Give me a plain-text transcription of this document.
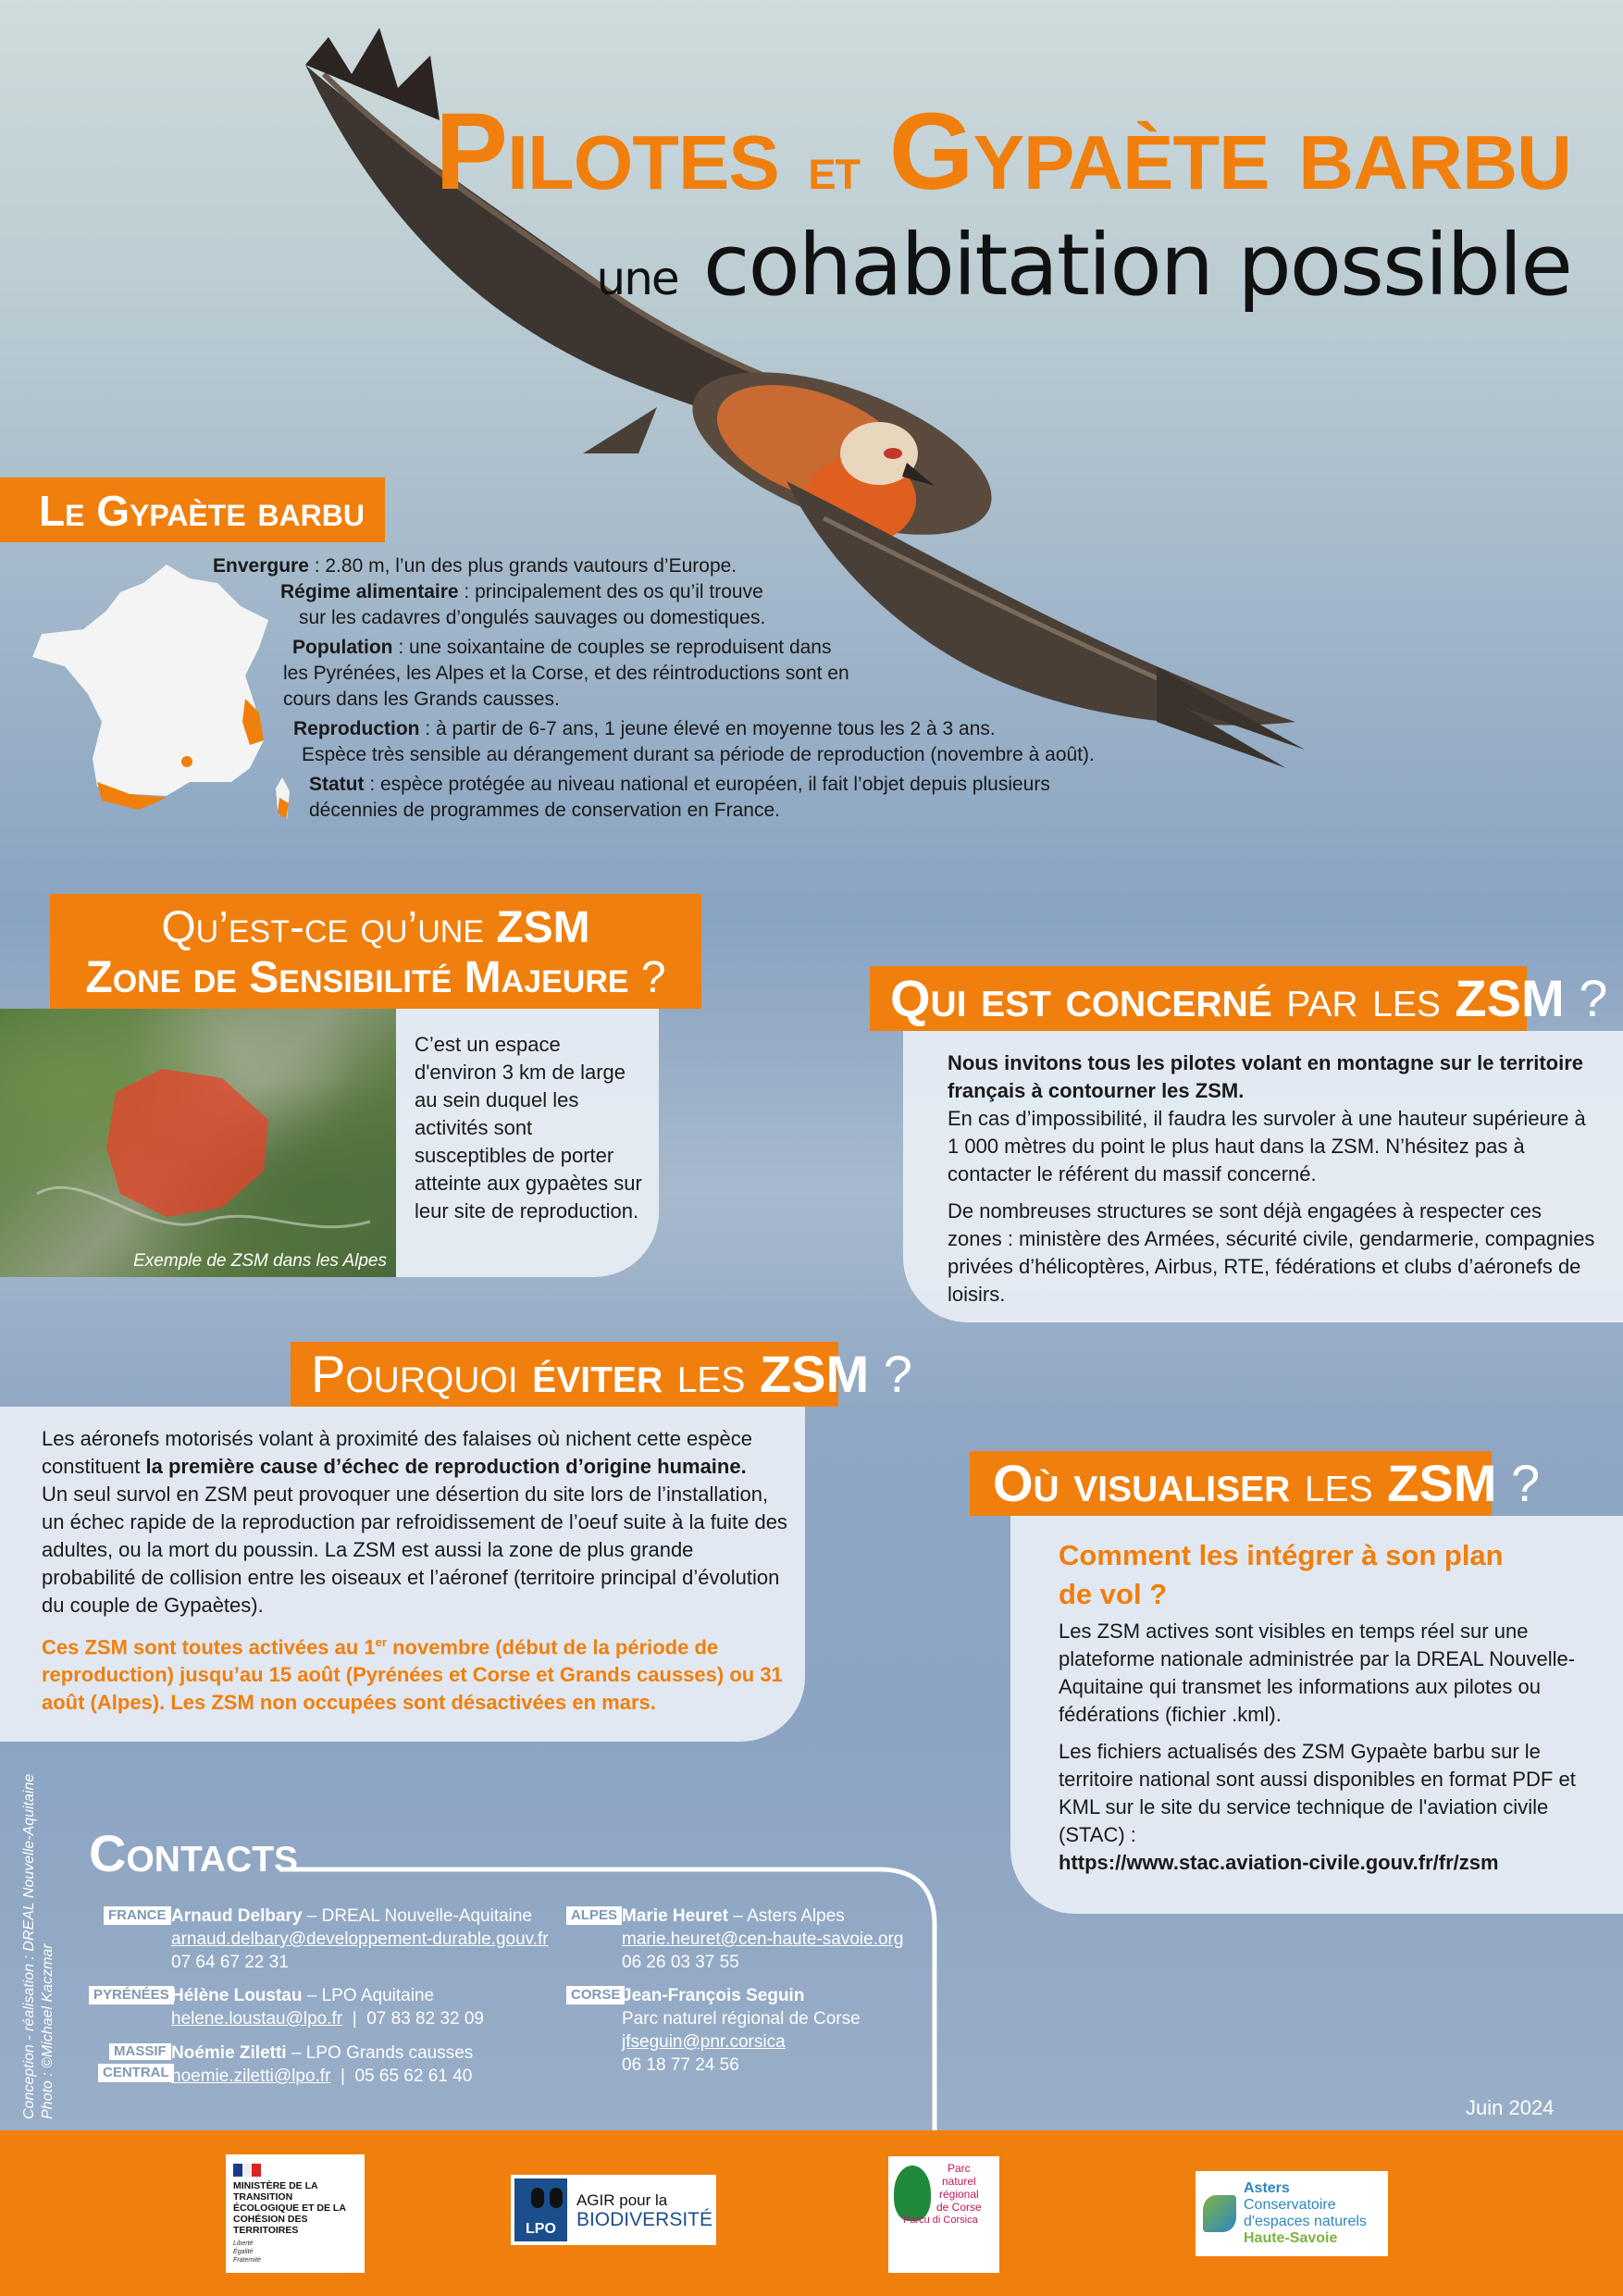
Pilotes et Gypaète barbu
une cohabitation possible
Le Gypaète barbu
Envergure : 2.80 m, l’un des plus grands vautours d’Europe.
Régime alimentaire : principalement des os qu’il trouve
sur les cadavres d’ongulés sauvages ou domestiques.
Population : une soixantaine de couples se reproduisent dans
les Pyrénées, les Alpes et la Corse, et des réintroductions sont en
cours dans les Grands causses.
Reproduction : à partir de 6-7 ans, 1 jeune élevé en moyenne tous les 2 à 3 ans.
Espèce très sensible au dérangement durant sa période de reproduction (novembre à août).
Statut : espèce protégée au niveau national et européen, il fait l’objet depuis plusieurs
décennies de programmes de conservation en France.
Qu’est-ce qu’une ZSM
Zone de Sensibilité Majeure ?
Exemple de ZSM dans les Alpes
C’est un espace d'environ 3 km de large au sein duquel les activités sont susceptibles de porter atteinte aux gypaètes sur leur site de reproduction.
Qui est concerné par les ZSM ?

Nous invitons tous les pilotes volant en montagne sur le territoire français à contourner les ZSM.

En cas d’impossibilité, il faudra les survoler à une hauteur supérieure à 1 000 mètres du point le plus haut dans la ZSM. N’hésitez pas à contacter le référent du massif concerné.

De nombreuses structures se sont déjà engagées à respecter ces zones : ministère des Armées, sécurité civile, gendarmerie, compagnies privées d’hélicoptères, Airbus, RTE, fédérations et clubs d’aéronefs de loisirs.

Pourquoi éviter les ZSM ?

Les aéronefs motorisés volant à proximité des falaises où nichent cette espèce constituent la première cause d’échec de reproduction d’origine humaine.

Un seul survol en ZSM peut provoquer une désertion du site lors de l’installation, un échec rapide de la reproduction par refroidissement de l’oeuf suite à la fuite des adultes, ou la mort du poussin. La ZSM est aussi la zone de plus grande probabilité de collision entre les oiseaux et l’aéronef (territoire principal d’évolution du couple de Gypaètes).

Ces ZSM sont toutes activées au 1er novembre (début de la période de reproduction) jusqu’au 15 août (Pyrénées et Corse et Grands causses) ou 31 août (Alpes). Les ZSM non occupées sont désactivées en mars.

Où visualiser les ZSM ?
Comment les intégrer à son plan de vol ?

Les ZSM actives sont visibles en temps réel sur une plateforme nationale administrée par la DREAL Nouvelle-Aquitaine qui transmet les informations aux pilotes ou fédérations (fichier .kml).

Les fichiers actualisés des ZSM Gypaète barbu sur le territoire national sont aussi disponibles en format PDF et KML sur le site du service technique de l'aviation civile (STAC) :

https://www.stac.aviation-civile.gouv.fr/fr/zsm

Contacts
FRANCE Arnaud Delbary – DREAL Nouvelle-Aquitaine
arnaud.delbary@developpement-durable.gouv.fr
07 64 67 22 31
PYRÉNÉES Hélène Loustau – LPO Aquitaine
helene.loustau@lpo.fr  |  07 83 82 32 09
MASSIF
CENTRAL
Noémie Ziletti – LPO Grands causses
noemie.ziletti@lpo.fr  |  05 65 62 61 40
ALPES Marie Heuret – Asters Alpes
marie.heuret@cen-haute-savoie.org
06 26 03 37 55
CORSE Jean-François Seguin
Parc naturel régional de Corse
jfseguin@pnr.corsica
06 18 77 24 56
Conception - réalisation : DREAL Nouvelle-Aquitaine Photo : ©Michael Kaczmar	Juin 2024
MINISTÈRE DE LA TRANSITION ÉCOLOGIQUE ET DE LA COHÉSION DES TERRITOIRES
Liberté Égalité Fraternité
LPO
AGIR pour la
BIODIVERSITÉ
Parc
naturel
régional
de Corse
Parcu di Corsica
Asters
Conservatoire
d'espaces naturels
Haute-Savoie
